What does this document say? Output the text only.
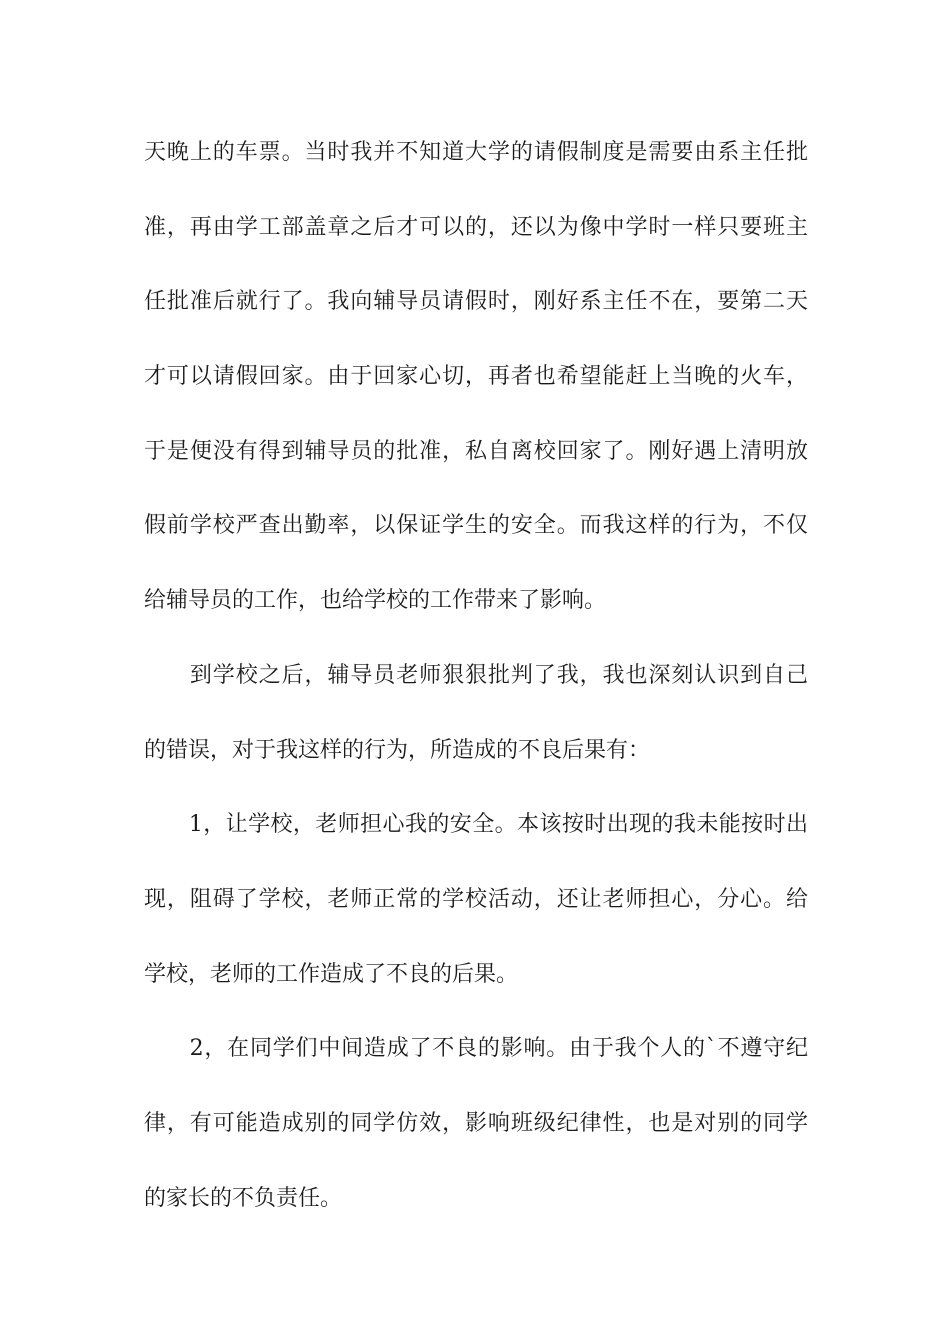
天晚上的车票。当时我并不知道大学的请假制度是需要由系主任批
准，再由学工部盖章之后才可以的，还以为像中学时一样只要班主
任批准后就行了。我向辅导员请假时，刚好系主任不在，要第二天
才可以请假回家。由于回家心切，再者也希望能赶上当晚的火车，
于是便没有得到辅导员的批准，私自离校回家了。刚好遇上清明放
假前学校严查出勤率，以保证学生的安全。而我这样的行为，不仅
给辅导员的工作，也给学校的工作带来了影响。
　　到学校之后，辅导员老师狠狠批判了我，我也深刻认识到自己
的错误，对于我这样的行为，所造成的不良后果有：
　　1，让学校，老师担心我的安全。本该按时出现的我未能按时出
现，阻碍了学校，老师正常的学校活动，还让老师担心，分心。给
学校，老师的工作造成了不良的后果。
　　2，在同学们中间造成了不良的影响。由于我个人的`不遵守纪
律，有可能造成别的同学仿效，影响班级纪律性，也是对别的同学
的家长的不负责任。
